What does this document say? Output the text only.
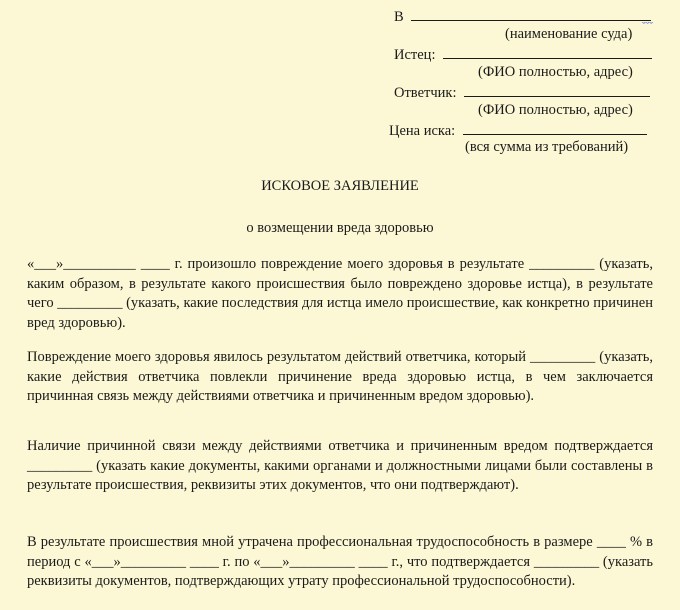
В	﹏
(наименование суда)
Истец:
(ФИО полностью, адрес)
Ответчик:
(ФИО полностью, адрес)
Цена иска:
(вся сумма из требований)
ИСКОВОЕ ЗАЯВЛЕНИЕ
о возмещении вреда здоровью
«___»__________ ____ г. произошло повреждение моего здоровья в результате _________ (указать, каким образом, в результате какого происшествия было повреждено здоровье истца), в результате чего _________ (указать, какие последствия для истца имело происшествие, как конкретно причинен вред здоровью).
Повреждение моего здоровья явилось результатом действий ответчика, который _________ (указать, какие действия ответчика повлекли причинение вреда здоровью истца, в чем заключается причинная связь между действиями ответчика и причиненным вредом здоровью).
Наличие причинной связи между действиями ответчика и причиненным вредом подтверждается _________ (указать какие документы, какими органами и должностными лицами были составлены в результате происшествия, реквизиты этих документов, что они подтверждают).
В результате происшествия мной утрачена профессиональная трудоспособность в размере ____ % в период с «___»_________ ____ г. по «___»_________ ____ г., что подтверждается _________ (указать реквизиты документов, подтверждающих утрату профессиональной трудоспособности).
